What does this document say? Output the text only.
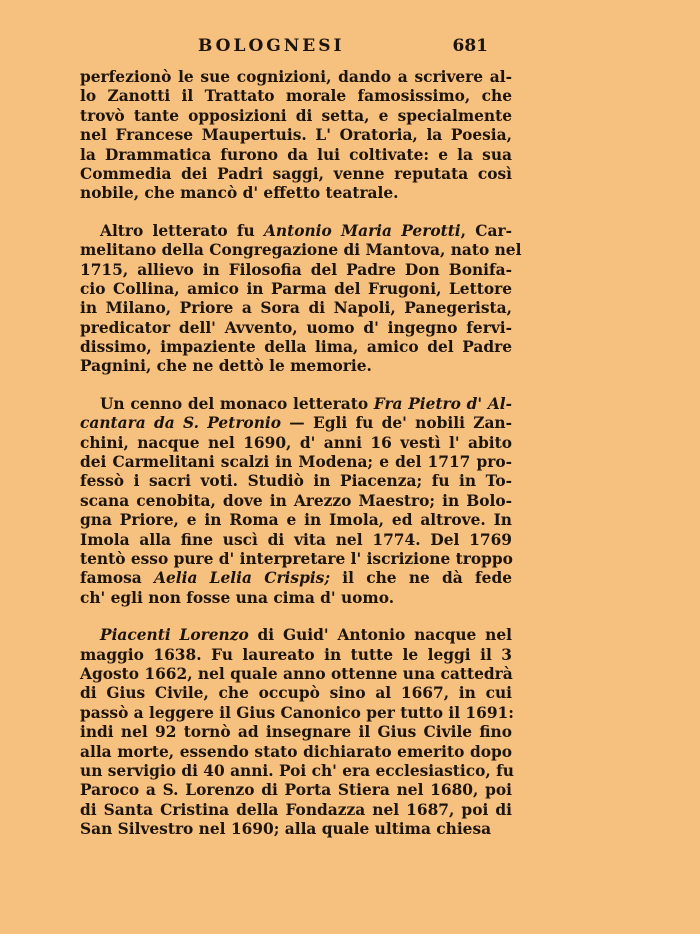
BOLOGNESI	681
perfezionò le sue cognizioni, dando a scrivere al-
lo Zanotti il Trattato morale famosissimo, che
trovò tante opposizioni di setta, e specialmente
nel Francese Maupertuis. L' Oratoria, la Poesia,
la Drammatica furono da lui coltivate: e la sua
Commedia dei Padri saggi, venne reputata così
nobile, che mancò d' effetto teatrale.
Altro letterato fu Antonio Maria Perotti, Car-
melitano della Congregazione di Mantova, nato nel
1715, allievo in Filosofia del Padre Don Bonifa-
cio Collina, amico in Parma del Frugoni, Lettore
in Milano, Priore a Sora di Napoli, Panegerista,
predicator dell' Avvento, uomo d' ingegno fervi-
dissimo, impaziente della lima, amico del Padre
Pagnini, che ne dettò le memorie.
Un cenno del monaco letterato Fra Pietro d' Al-
cantara da S. Petronio — Egli fu de' nobili Zan-
chini, nacque nel 1690, d' anni 16 vestì l' abito
dei Carmelitani scalzi in Modena; e del 1717 pro-
fessò i sacri voti. Studiò in Piacenza; fu in To-
scana cenobita, dove in Arezzo Maestro; in Bolo-
gna Priore, e in Roma e in Imola, ed altrove. In
Imola alla fine uscì di vita nel 1774. Del 1769
tentò esso pure d' interpretare l' iscrizione troppo
famosa Aelia Lelia Crispis; il che ne dà fede
ch' egli non fosse una cima d' uomo.
Piacenti Lorenzo di Guid' Antonio nacque nel
maggio 1638. Fu laureato in tutte le leggi il 3
Agosto 1662, nel quale anno ottenne una cattedrà
di Gius Civile, che occupò sino al 1667, in cui
passò a leggere il Gius Canonico per tutto il 1691:
indi nel 92 tornò ad insegnare il Gius Civile fino
alla morte, essendo stato dichiarato emerito dopo
un servigio di 40 anni. Poi ch' era ecclesiastico, fu
Paroco a S. Lorenzo di Porta Stiera nel 1680, poi
di Santa Cristina della Fondazza nel 1687, poi di
San Silvestro nel 1690; alla quale ultima chiesa
